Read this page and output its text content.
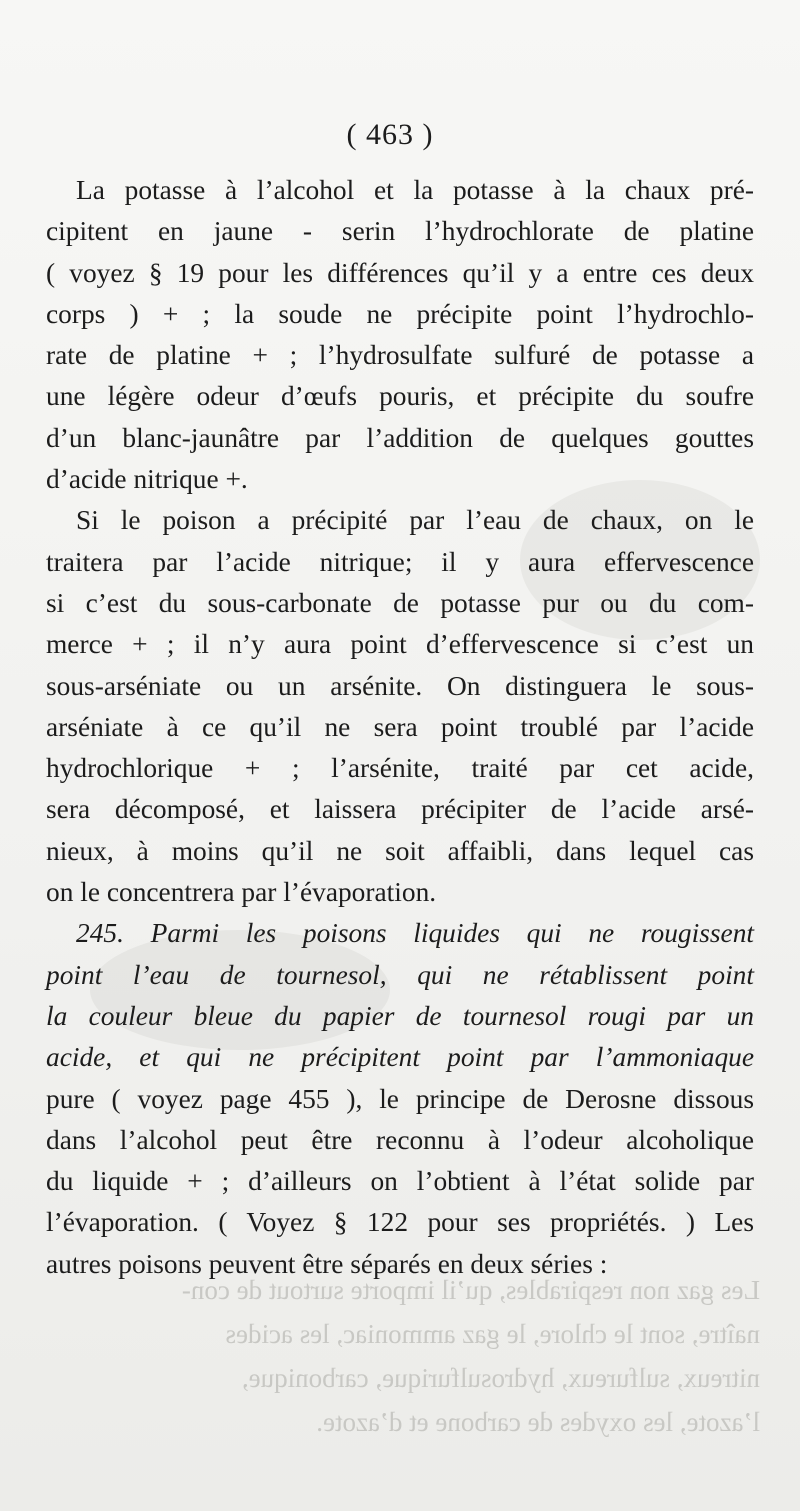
Les gaz non respirables, qu’il importe surtout de con-
naître, sont le chlore, le gaz ammoniac, les acides
nitreux, sulfureux, hydrosulfurique, carbonique,
l’azote, les oxydes de carbone et d’azote.
( 463 )
La potasse à l’alcohol et la potasse à la chaux pré-
cipitent en jaune - serin l’hydrochlorate de platine
( voyez § 19 pour les différences qu’il y a entre ces deux
corps ) + ; la soude ne précipite point l’hydrochlo-
rate de platine + ; l’hydrosulfate sulfuré de potasse a
une légère odeur d’œufs pouris, et précipite du soufre
d’un blanc-jaunâtre par l’addition de quelques gouttes
d’acide nitrique +.
Si le poison a précipité par l’eau de chaux, on le
traitera par l’acide nitrique; il y aura effervescence
si c’est du sous-carbonate de potasse pur ou du com-
merce + ; il n’y aura point d’effervescence si c’est un
sous-arséniate ou un arsénite. On distinguera le sous-
arséniate à ce qu’il ne sera point troublé par l’acide
hydrochlorique + ; l’arsénite, traité par cet acide,
sera décomposé, et laissera précipiter de l’acide arsé-
nieux, à moins qu’il ne soit affaibli, dans lequel cas
on le concentrera par l’évaporation.
245. Parmi les poisons liquides qui ne rougissent
point l’eau de tournesol, qui ne rétablissent point
la couleur bleue du papier de tournesol rougi par un
acide, et qui ne précipitent point par l’ammoniaque
pure ( voyez page 455 ), le principe de Derosne dissous
dans l’alcohol peut être reconnu à l’odeur alcoholique
du liquide + ; d’ailleurs on l’obtient à l’état solide par
l’évaporation. ( Voyez § 122 pour ses propriétés. ) Les
autres poisons peuvent être séparés en deux séries :
